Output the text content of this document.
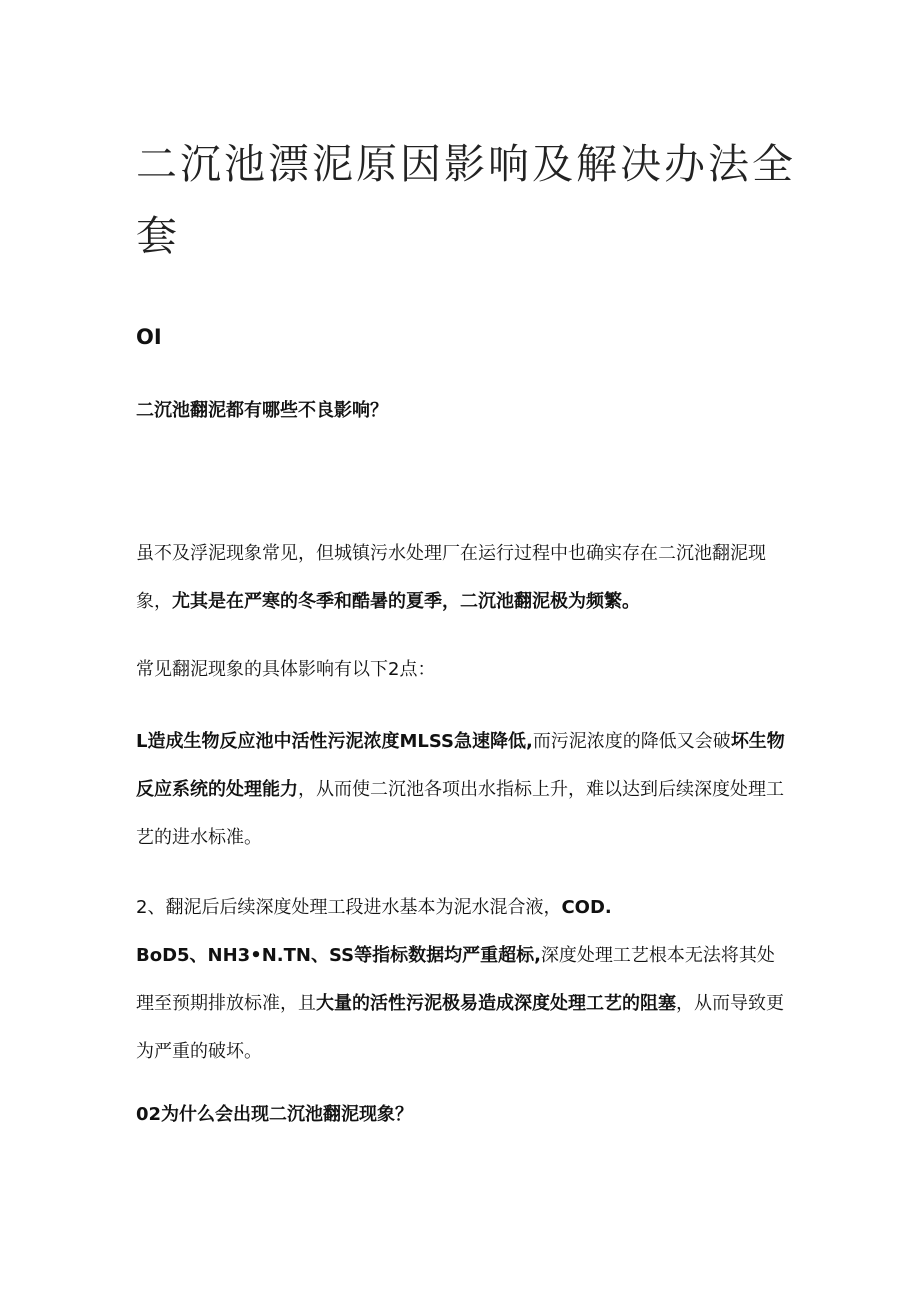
二沉池漂泥原因影响及解决办法全套

OI

二沉池翻泥都有哪些不良影响？

虽不及浮泥现象常见，但城镇污水处理厂在运行过程中也确实存在二沉池翻泥现象，尤其是在严寒的冬季和酷暑的夏季，二沉池翻泥极为频繁。

常见翻泥现象的具体影响有以下2点：

L造成生物反应池中活性污泥浓度MLSS急速降低,而污泥浓度的降低又会破坏生物反应系统的处理能力，从而使二沉池各项出水指标上升，难以达到后续深度处理工艺的进水标准。

2、翻泥后后续深度处理工段进水基本为泥水混合液，COD.
BoD5、NH3•N.TN、SS等指标数据均严重超标,深度处理工艺根本无法将其处理至预期排放标准，且大量的活性污泥极易造成深度处理工艺的阻塞，从而导致更为严重的破坏。

02为什么会出现二沉池翻泥现象？
